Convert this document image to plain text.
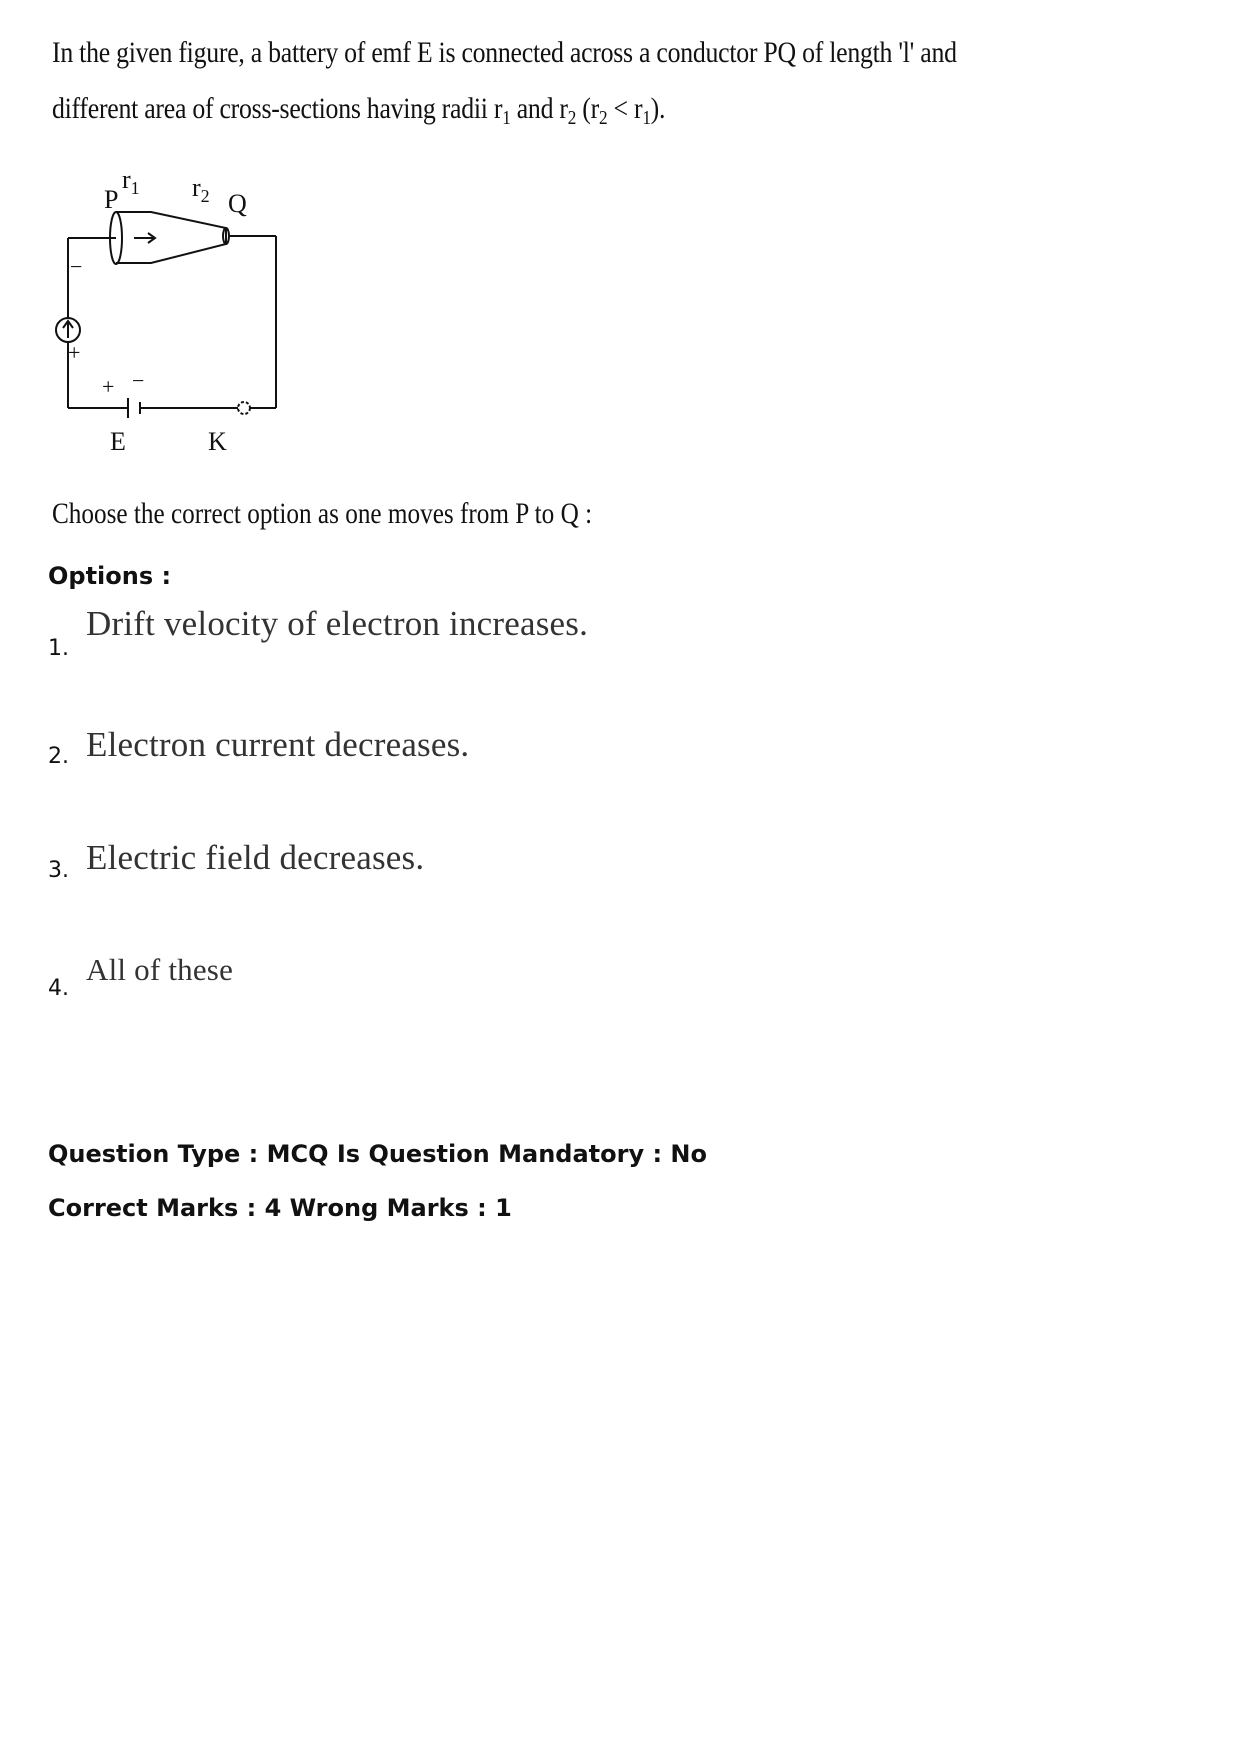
In the given figure, a battery of emf E is connected across a conductor PQ of length 'l' and
different area of cross-sections having radii $r_1$ and $r_2$ $(r_2 < r_1)$.
$r_1$ $r_2$
P	Q
−
+
+ −
E	K
Choose the correct option as one moves from P to Q :
Options :
1.
Drift velocity of electron increases.
2. Electron current decreases.
3. Electric field decreases.
4.
All of these
Question Type : MCQ Is Question Mandatory : No
Correct Marks : 4 Wrong Marks : 1
